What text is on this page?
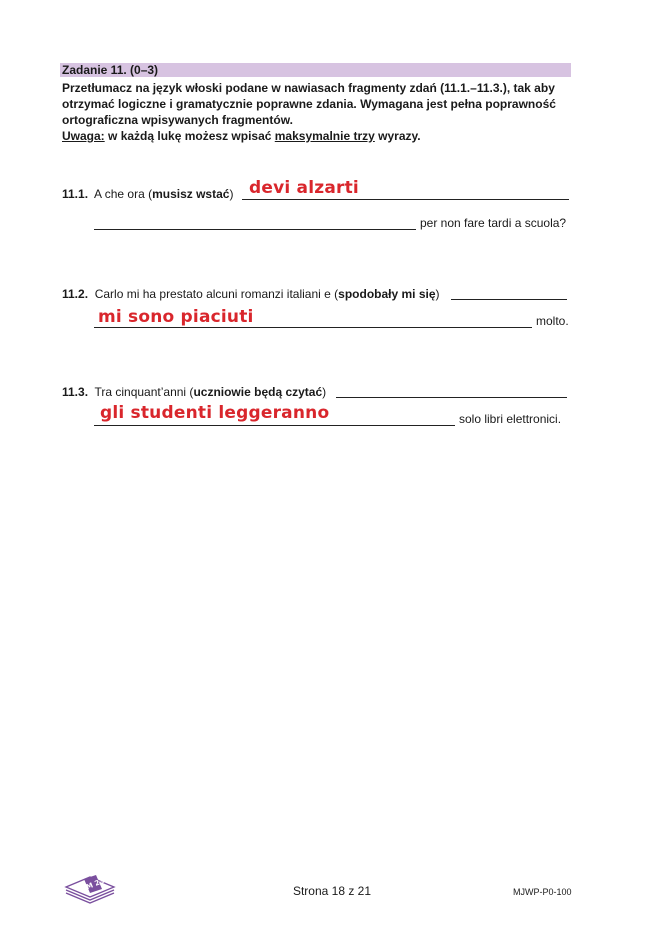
Zadanie 11. (0–3)
Przetłumacz na język włoski podane w nawiasach fragmenty zdań (11.1.–11.3.), tak aby
otrzymać logiczne i gramatycznie poprawne zdania. Wymagana jest pełna poprawność
ortograficzna wpisywanych fragmentów.
Uwaga: w każdą lukę możesz wpisać maksymalnie trzy wyrazy.
11.1. A che ora (musisz wstać) devi alzarti
per non fare tardi a scuola?
11.2. Carlo mi ha prestato alcuni romanzi italiani e (spodobały mi się)
mi sono piaciuti	molto.
11.3. Tra cinquant’anni (uczniowie będą czytać)
gli studenti leggeranno	solo libri elettronici.
EM 23	Strona 18 z 21	MJWP-P0-100
